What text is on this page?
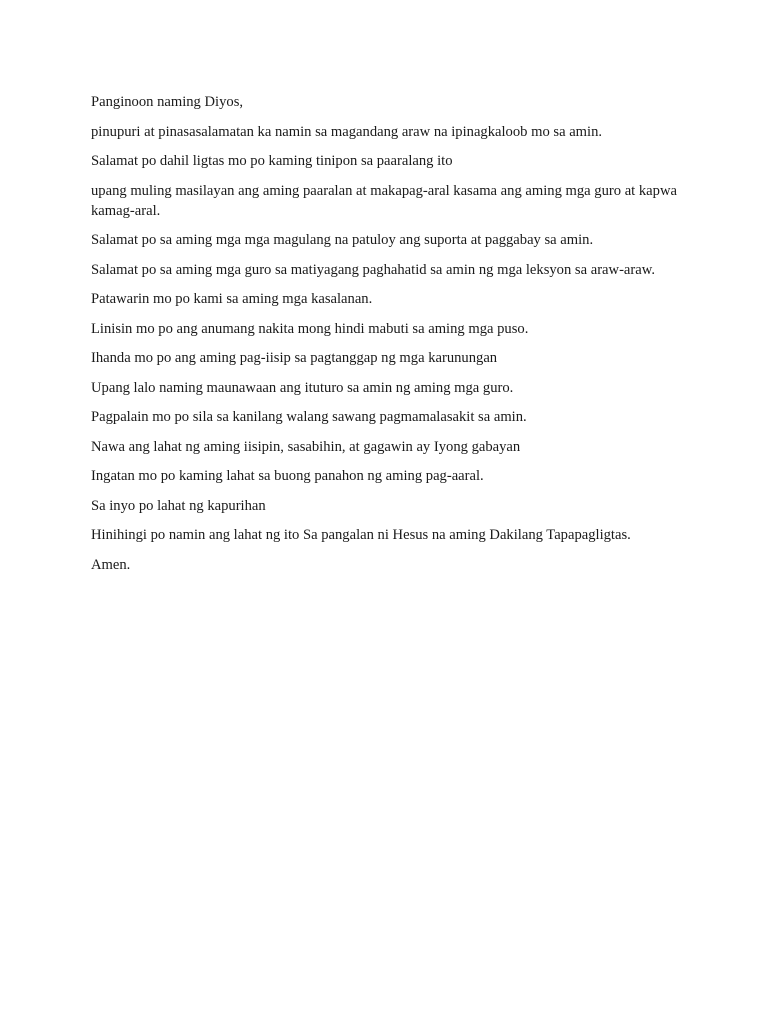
Panginoon naming Diyos,

pinupuri at pinasasalamatan ka namin sa magandang araw na ipinagkaloob mo sa amin.

Salamat po dahil ligtas mo po kaming tinipon sa paaralang ito

upang muling masilayan ang aming paaralan at makapag-aral kasama ang aming mga guro at kapwa kamag-aral.

Salamat po sa aming mga mga magulang na patuloy ang suporta at paggabay sa amin.

Salamat po sa aming mga guro sa matiyagang paghahatid sa amin ng mga leksyon sa araw-araw.

Patawarin mo po kami sa aming mga kasalanan.

Linisin mo po ang anumang nakita mong hindi mabuti sa aming mga puso.

Ihanda mo po ang aming pag-iisip sa pagtanggap ng mga karunungan

Upang lalo naming maunawaan ang ituturo sa amin ng aming mga guro.

Pagpalain mo po sila sa kanilang walang sawang pagmamalasakit sa amin.

Nawa ang lahat ng aming iisipin, sasabihin, at gagawin ay Iyong gabayan

Ingatan mo po kaming lahat sa buong panahon ng aming pag-aaral.

Sa inyo po lahat ng kapurihan

Hinihingi po namin ang lahat ng ito Sa pangalan ni Hesus na aming Dakilang Tapapagligtas.

Amen.
